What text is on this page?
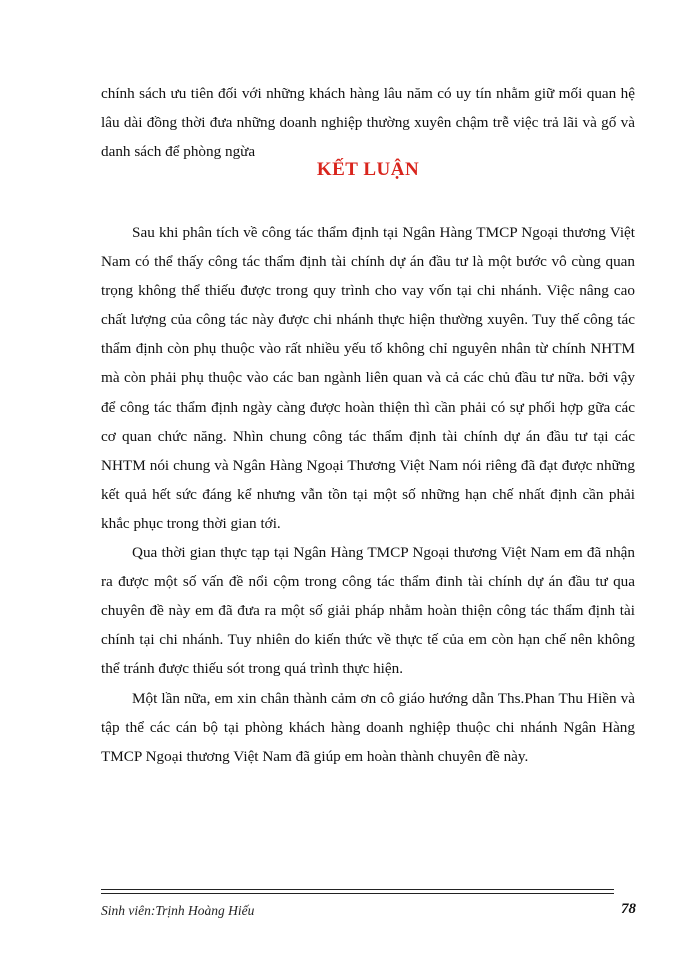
chính sách ưu tiên đối với những khách hàng lâu năm có uy tín nhằm giữ mối quan hệ lâu dài đồng thời đưa những doanh nghiệp thường xuyên chậm trễ việc trả lãi và gố và danh sách để phòng ngừa
KẾT LUẬN

Sau khi phân tích về công tác thẩm định tại Ngân Hàng TMCP Ngoại thương Việt Nam có thể thấy công tác thẩm định tài chính dự án đầu tư là một bước vô cùng quan trọng không thể thiếu được trong quy trình cho vay vốn tại chi nhánh. Việc nâng cao chất lượng của công tác này được chi nhánh thực hiện thường xuyên. Tuy thế công tác thẩm định còn phụ thuộc vào rất nhiều yếu tố không chỉ nguyên nhân từ chính NHTM mà còn phải phụ thuộc vào các ban ngành liên quan và cả các chủ đầu tư nữa. bởi vậy để công tác thẩm định ngày càng được hoàn thiện thì cần phải có sự phối hợp gữa các cơ quan chức năng. Nhìn chung công tác thẩm định tài chính dự án đầu tư tại các NHTM nói chung và Ngân Hàng Ngoại Thương Việt Nam nói riêng đã đạt được những kết quả hết sức đáng kể nhưng vẫn tồn tại một số những hạn chế nhất định cần phải khắc phục trong thời gian tới.

Qua thời gian thực tạp tại Ngân Hàng TMCP Ngoại thương Việt Nam em đã nhận ra được một số vấn đề nổi cộm trong công tác thẩm đinh tài chính dự án đầu tư qua chuyên đề này em đã đưa ra một số giải pháp nhằm hoàn thiện công tác thẩm định tài chính tại chi nhánh. Tuy nhiên do kiến thức về thực tế của em còn hạn chế nên không thể tránh được thiếu sót trong quá trình thực hiện.

Một lần nữa, em xin chân thành cảm ơn cô giáo hướng dẫn Ths.Phan Thu Hiền và tập thể các cán bộ tại phòng khách hàng doanh nghiệp thuộc chi nhánh Ngân Hàng TMCP Ngoại thương Việt Nam đã giúp em hoàn thành chuyên đề này.

Sinh viên:Trịnh Hoàng Hiếu	78
